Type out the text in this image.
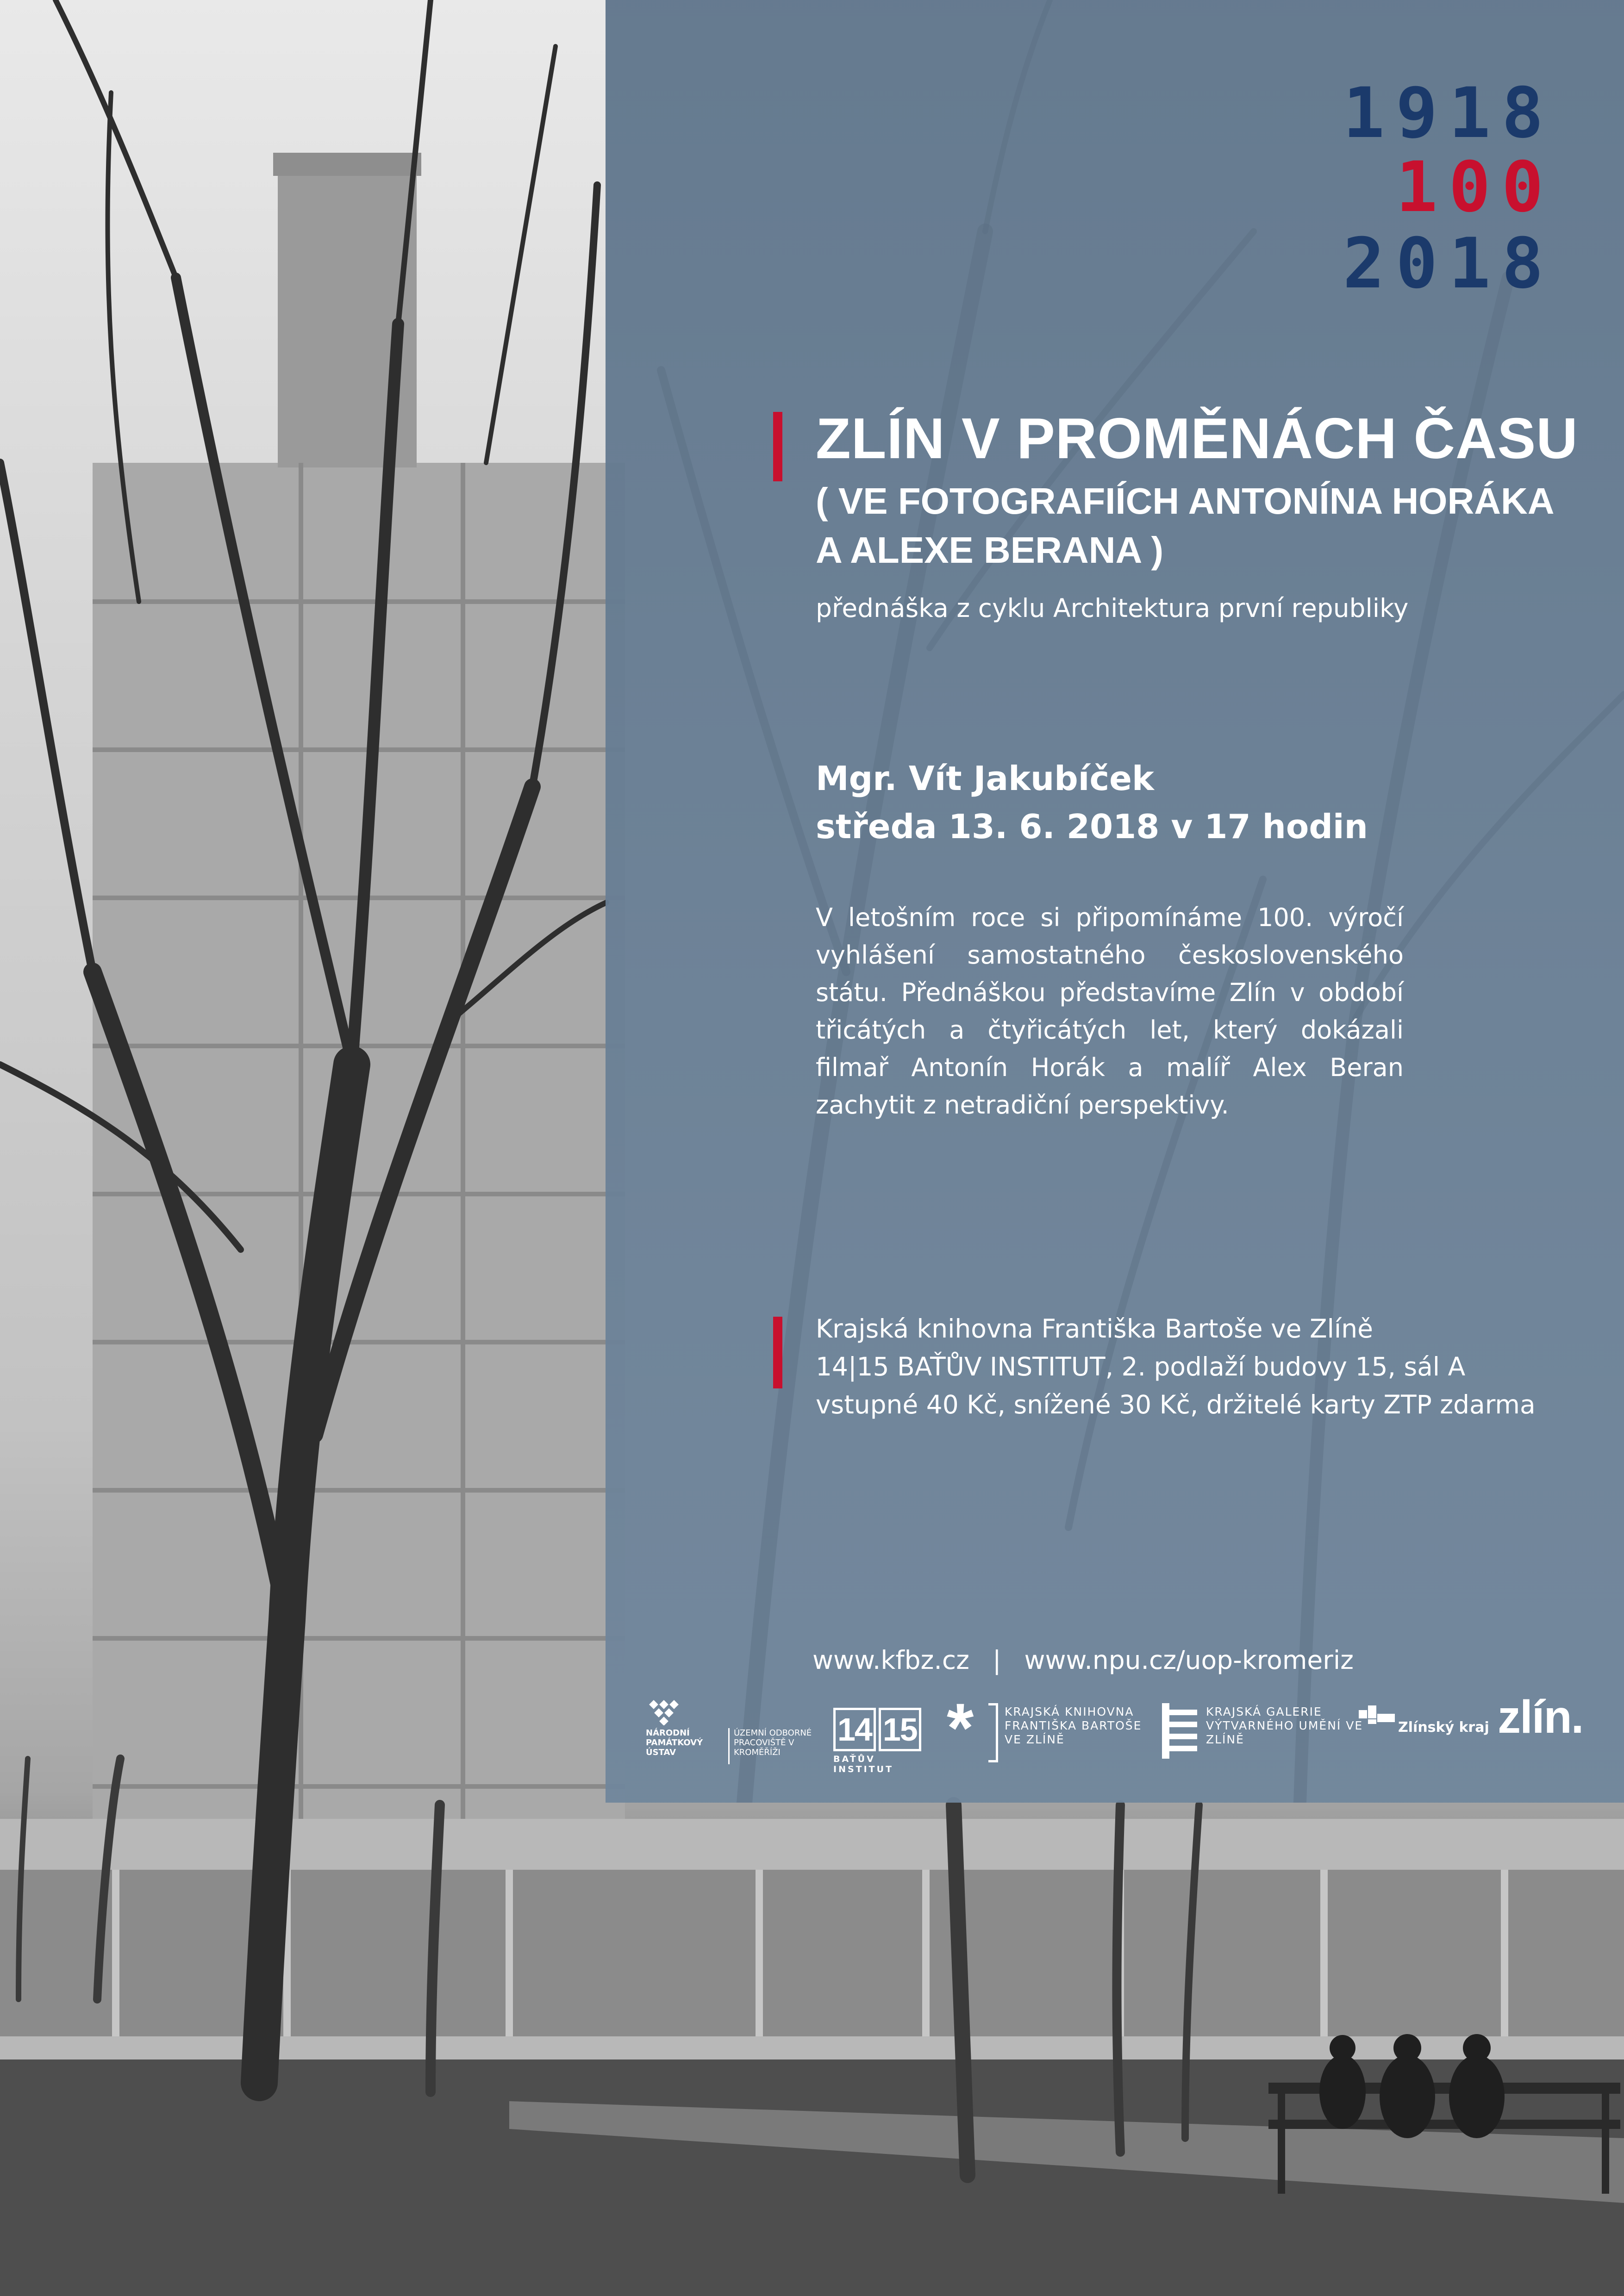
1918
100
2018
ZLÍN V PROMĚNÁCH ČASU
( VE FOTOGRAFIÍCH ANTONÍNA HORÁKA
A ALEXE BERANA )

přednáška z cyklu Architektura první republiky

Mgr. Vít Jakubíček

středa 13. 6. 2018 v 17 hodin

V letošním roce si připomínáme 100. výročí vyhlášení samostatného československého státu. Přednáškou představíme Zlín v období třicátých a čtyřicátých let, který dokázali filmař Antonín Horák a malíř Alex Beran zachytit z netradiční perspektivy.

Krajská knihovna Františka Bartoše ve Zlíně
14|15 BAŤŮV INSTITUT, 2. podlaží budovy 15, sál A
vstupné 40 Kč, snížené 30 Kč, držitelé karty ZTP zdarma
www.kfbz.cz | www.npu.cz/uop-kromeriz
NÁRODNÍ PAMÁTKOVÝ ÚSTAV
ÚZEMNÍ ODBORNÉ PRACOVIŠTĚ V KROMĚŘÍŽI
14 15
BAŤŮV INSTITUT
*	KRAJSKÁ KNIHOVNA FRANTIŠKA BARTOŠE VE ZLÍNĚ
KRAJSKÁ GALERIE VÝTVARNÉHO UMĚNÍ VE ZLÍNĚ
Zlínský kraj zlín.
